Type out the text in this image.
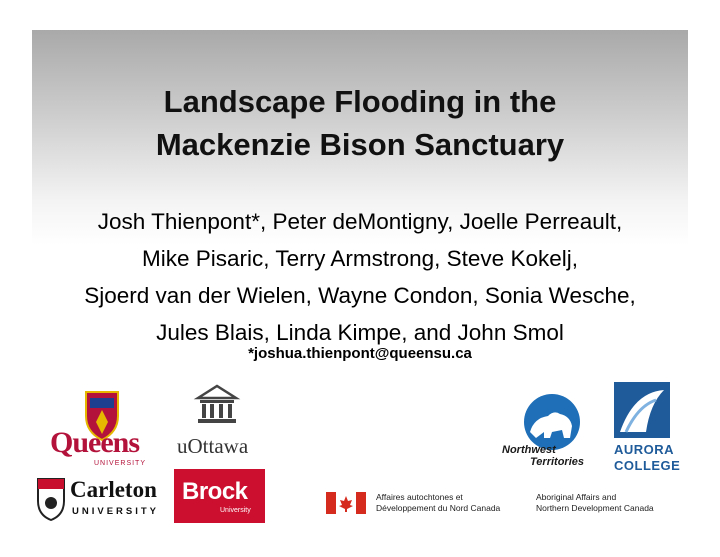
Landscape Flooding in the
Mackenzie Bison Sanctuary
Josh Thienpont*, Peter deMontigny, Joelle Perreault,
Mike Pisaric, Terry Armstrong, Steve Kokelj,
Sjoerd van der Wielen, Wayne Condon, Sonia Wesche,
Jules Blais, Linda Kimpe, and John Smol
*joshua.thienpont@queensu.ca
Queens
UNIVERSITY
uOttawa
Carleton
UNIVERSITY
Brock
University
Northwest
Territories
AURORA
COLLEGE
Affaires autochtones et
Développement du Nord Canada
Aboriginal Affairs and
Northern Development Canada
